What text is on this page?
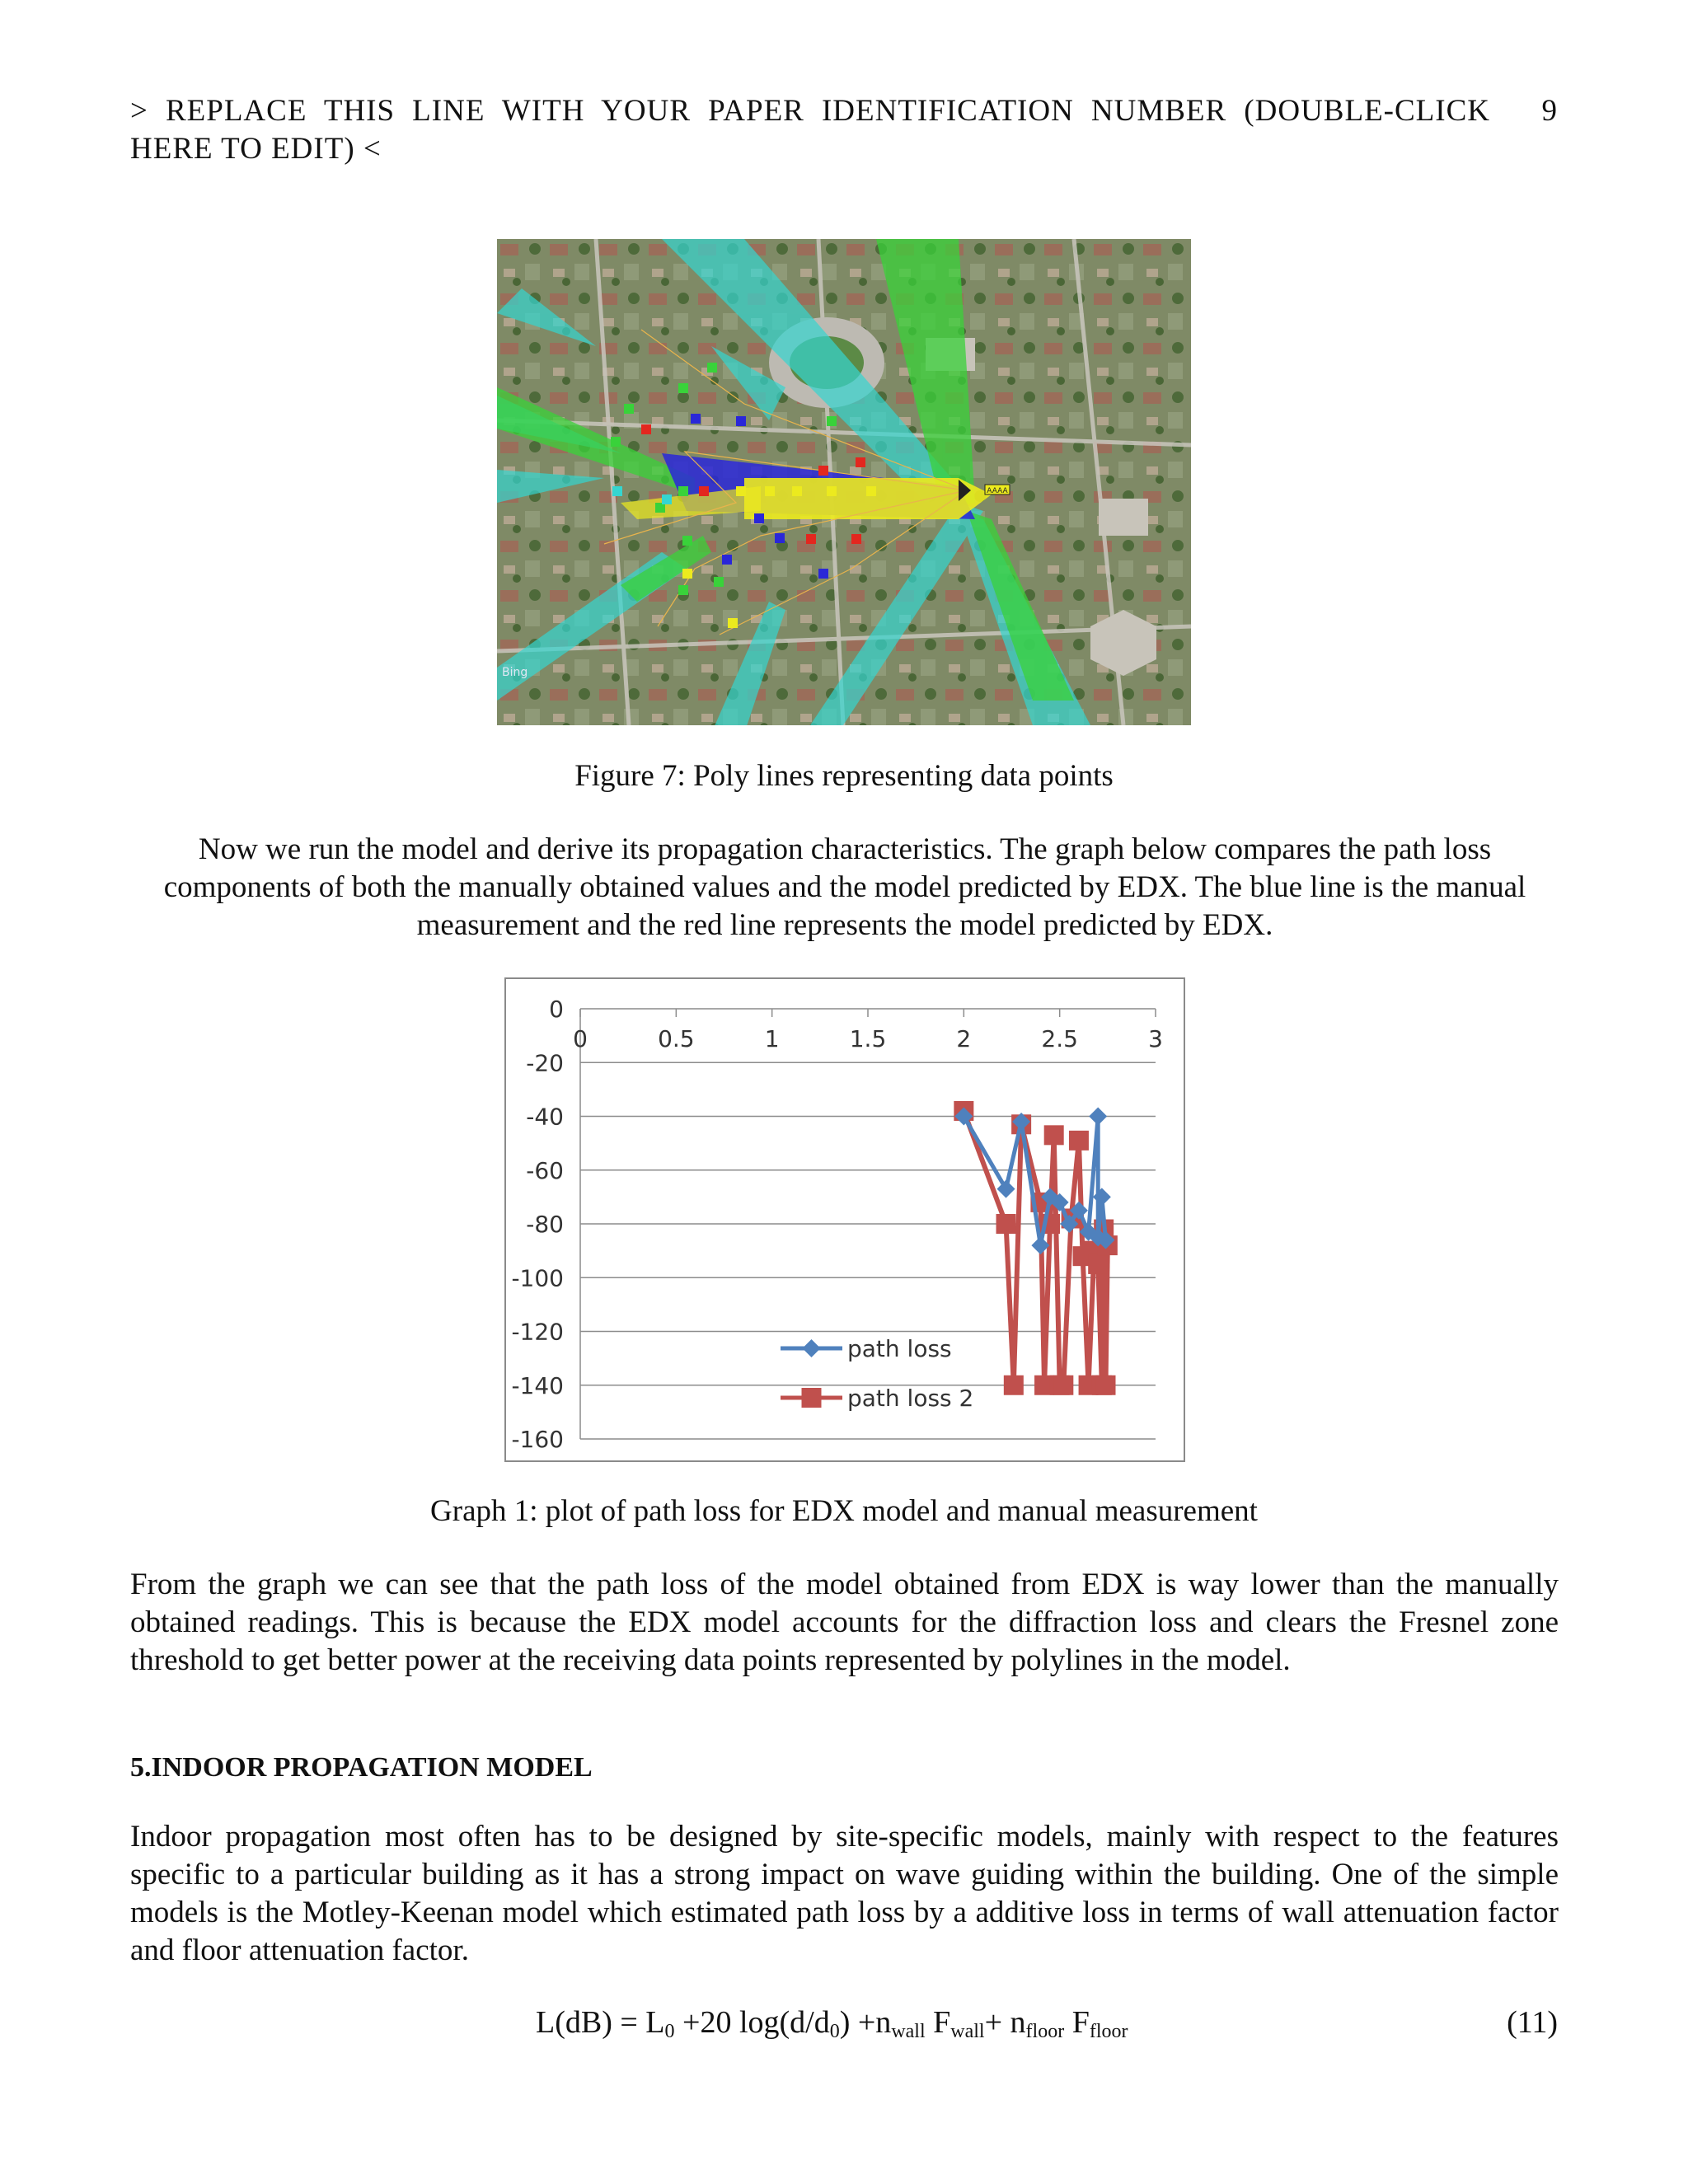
> REPLACE THIS LINE WITH YOUR PAPER IDENTIFICATION NUMBER (DOUBLE-CLICK
HERE TO EDIT) <
9
AAAA
Bing
Figure 7: Poly lines representing data points
Now we run the model and derive its propagation characteristics. The graph below compares the path loss components of both the manually obtained values and the model predicted by EDX. The blue line is the manual measurement and the red line represents the model predicted by EDX.
0
-20
-40
-60
-80
-100
-120
-140
-160
0	0.5	1	1.5	2	2.5	3
path loss
path loss 2
Graph 1: plot of path loss for EDX model and manual measurement
From the graph we can see that the path loss of the model obtained from EDX is way lower than the manually obtained readings. This is because the EDX model accounts for the diffraction loss and clears the Fresnel zone threshold to get better power at the receiving data points represented by polylines in the model.
5.INDOOR PROPAGATION MODEL
Indoor propagation most often has to be designed by site-specific models, mainly with respect to the features specific to a particular building as it has a strong impact on wave guiding within the building. One of the simple models is the Motley-Keenan model which estimated path loss by a additive loss in terms of wall attenuation factor and floor attenuation factor.
$L(dB) = L_0 +20$ $\log(d/d_0) +n_{wall}$ $F_{wall}+ n_{floor}$ $F_{floor}$	(11)
